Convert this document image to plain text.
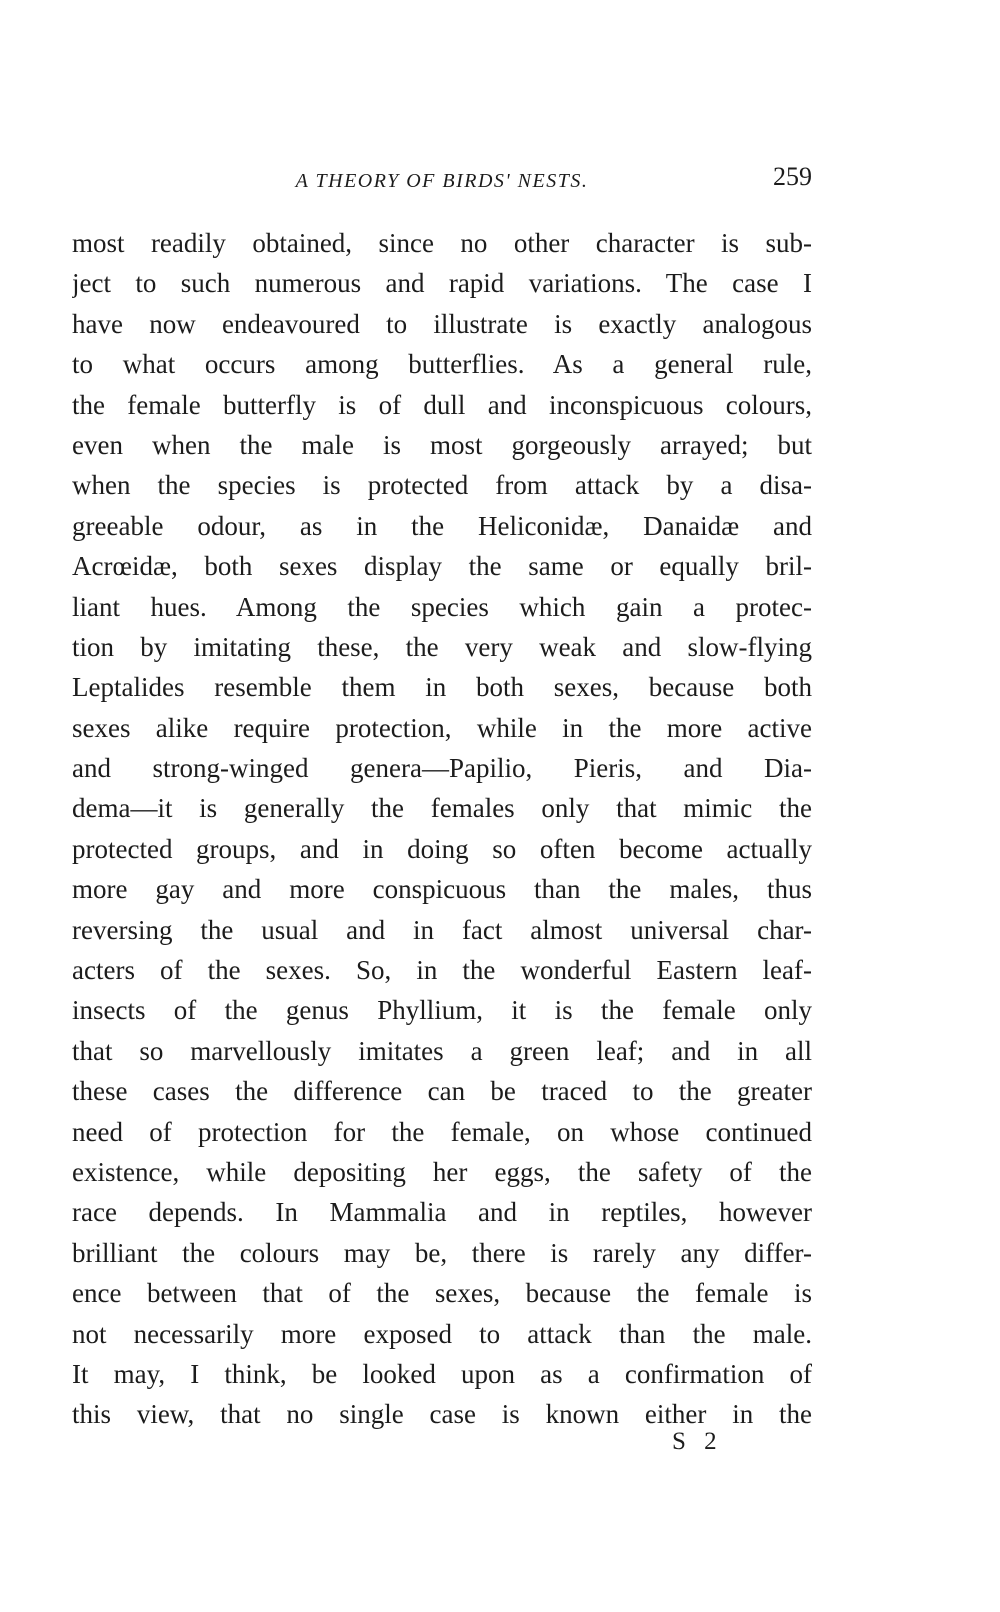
A THEORY OF BIRDS' NESTS.	259
most readily obtained, since no other character is sub-
ject to such numerous and rapid variations. The case I
have now endeavoured to illustrate is exactly analogous
to what occurs among butterflies. As a general rule,
the female butterfly is of dull and inconspicuous colours,
even when the male is most gorgeously arrayed; but
when the species is protected from attack by a disa-
greeable odour, as in the Heliconidæ, Danaidæ and
Acrœidæ, both sexes display the same or equally bril-
liant hues. Among the species which gain a protec-
tion by imitating these, the very weak and slow-flying
Leptalides resemble them in both sexes, because both
sexes alike require protection, while in the more active
and strong-winged genera—Papilio, Pieris, and Dia-
dema—it is generally the females only that mimic the
protected groups, and in doing so often become actually
more gay and more conspicuous than the males, thus
reversing the usual and in fact almost universal char-
acters of the sexes. So, in the wonderful Eastern leaf-
insects of the genus Phyllium, it is the female only
that so marvellously imitates a green leaf; and in all
these cases the difference can be traced to the greater
need of protection for the female, on whose continued
existence, while depositing her eggs, the safety of the
race depends. In Mammalia and in reptiles, however
brilliant the colours may be, there is rarely any differ-
ence between that of the sexes, because the female is
not necessarily more exposed to attack than the male.
It may, I think, be looked upon as a confirmation of
this view, that no single case is known either in the
S 2
